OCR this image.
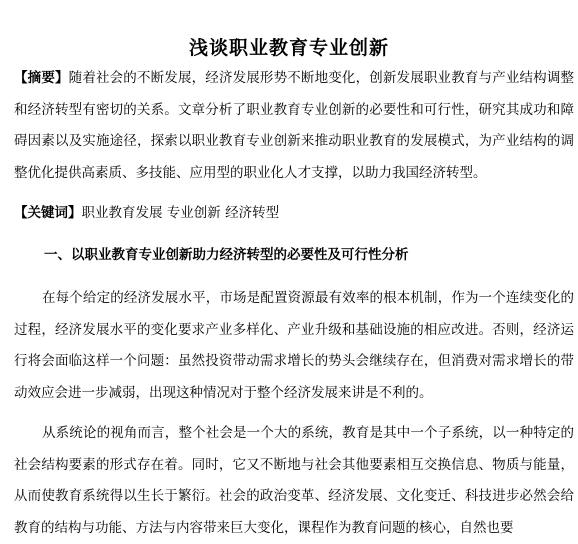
浅谈职业教育专业创新

【摘要】随着社会的不断发展，经济发展形势不断地变化，创新发展职业教育与产业结构调整和经济转型有密切的关系。文章分析了职业教育专业创新的必要性和可行性，研究其成功和障碍因素以及实施途径，探索以职业教育专业创新来推动职业教育的发展模式，为产业结构的调整优化提供高素质、多技能、应用型的职业化人才支撑，以助力我国经济转型。

【关键词】职业教育发展 专业创新 经济转型

一、以职业教育专业创新助力经济转型的必要性及可行性分析

在每个给定的经济发展水平，市场是配置资源最有效率的根本机制，作为一个连续变化的过程，经济发展水平的变化要求产业多样化、产业升级和基础设施的相应改进。否则，经济运行将会面临这样一个问题：虽然投资带动需求增长的势头会继续存在，但消费对需求增长的带动效应会进一步减弱，出现这种情况对于整个经济发展来讲是不利的。

从系统论的视角而言，整个社会是一个大的系统，教育是其中一个子系统，以一种特定的社会结构要素的形式存在着。同时，它又不断地与社会其他要素相互交换信息、物质与能量，从而使教育系统得以生长于繁衍。社会的政治变革、经济发展、文化变迁、科技进步必然会给教育的结构与功能、方法与内容带来巨大变化，课程作为教育问题的核心，自然也要
